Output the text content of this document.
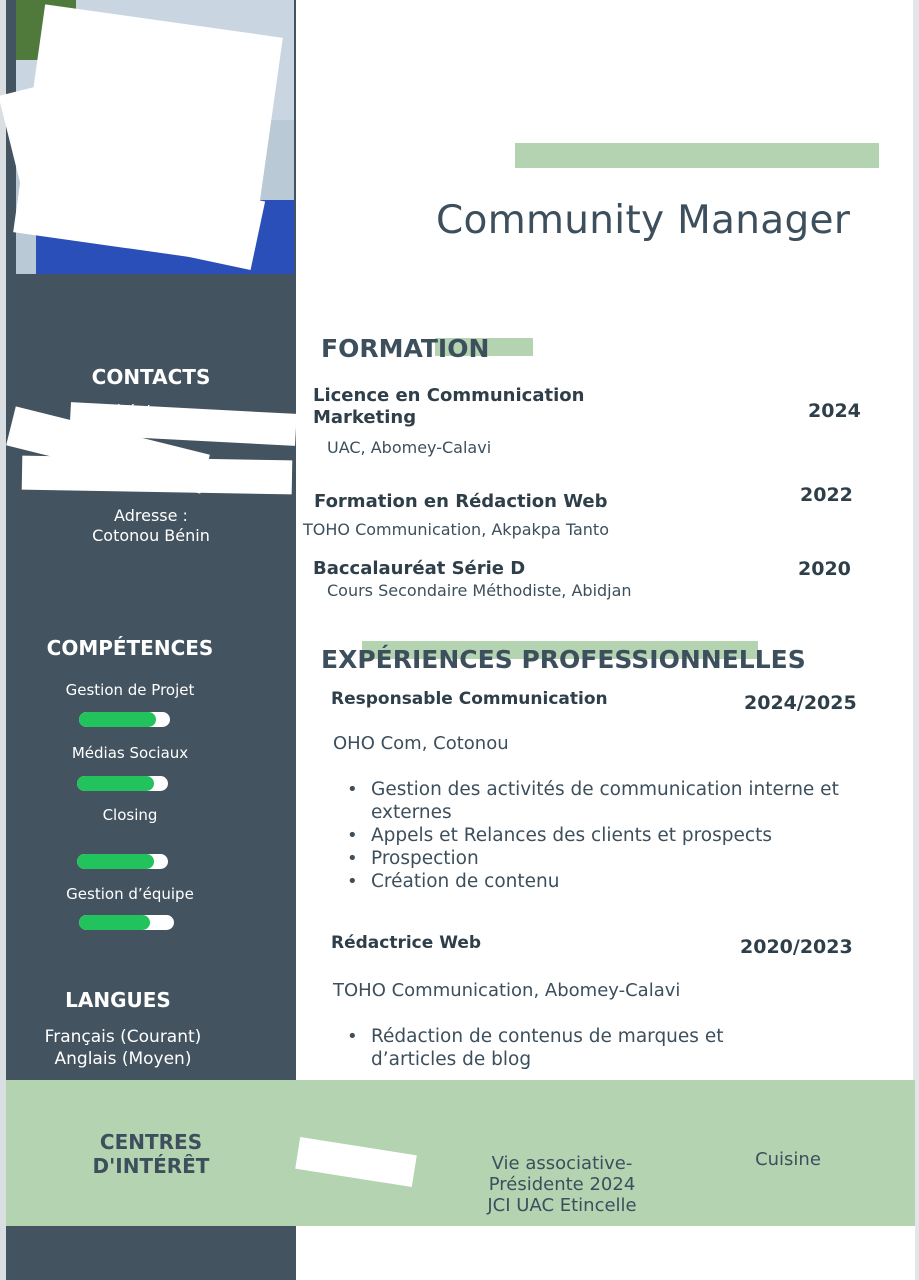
Community Manager
CONTACTS
Adresse :
Cotonou Bénin
COMPÉTENCES
Gestion de Projet
Médias Sociaux
Closing
Gestion d’équipe
LANGUES
Français (Courant)
Anglais (Moyen)
FORMATION
Licence en Communication Marketing	2024
UAC, Abomey-Calavi
Formation en Rédaction Web	2022
TOHO Communication, Akpakpa Tanto
Baccalauréat Série D	2020
Cours Secondaire Méthodiste, Abidjan
EXPÉRIENCES PROFESSIONNELLES
Responsable Communication	2024/2025
OHO Com, Cotonou
• Gestion des activités de communication interne et externes
• Appels et Relances des clients et prospects
• Prospection
• Création de contenu
Rédactrice Web	2020/2023
TOHO Communication, Abomey-Calavi
• Rédaction de contenus de marques et d’articles de blog
CENTRES
D'INTÉRÊT	Vie associative-
Présidente 2024
JCI UAC Etincelle
Cuisine
